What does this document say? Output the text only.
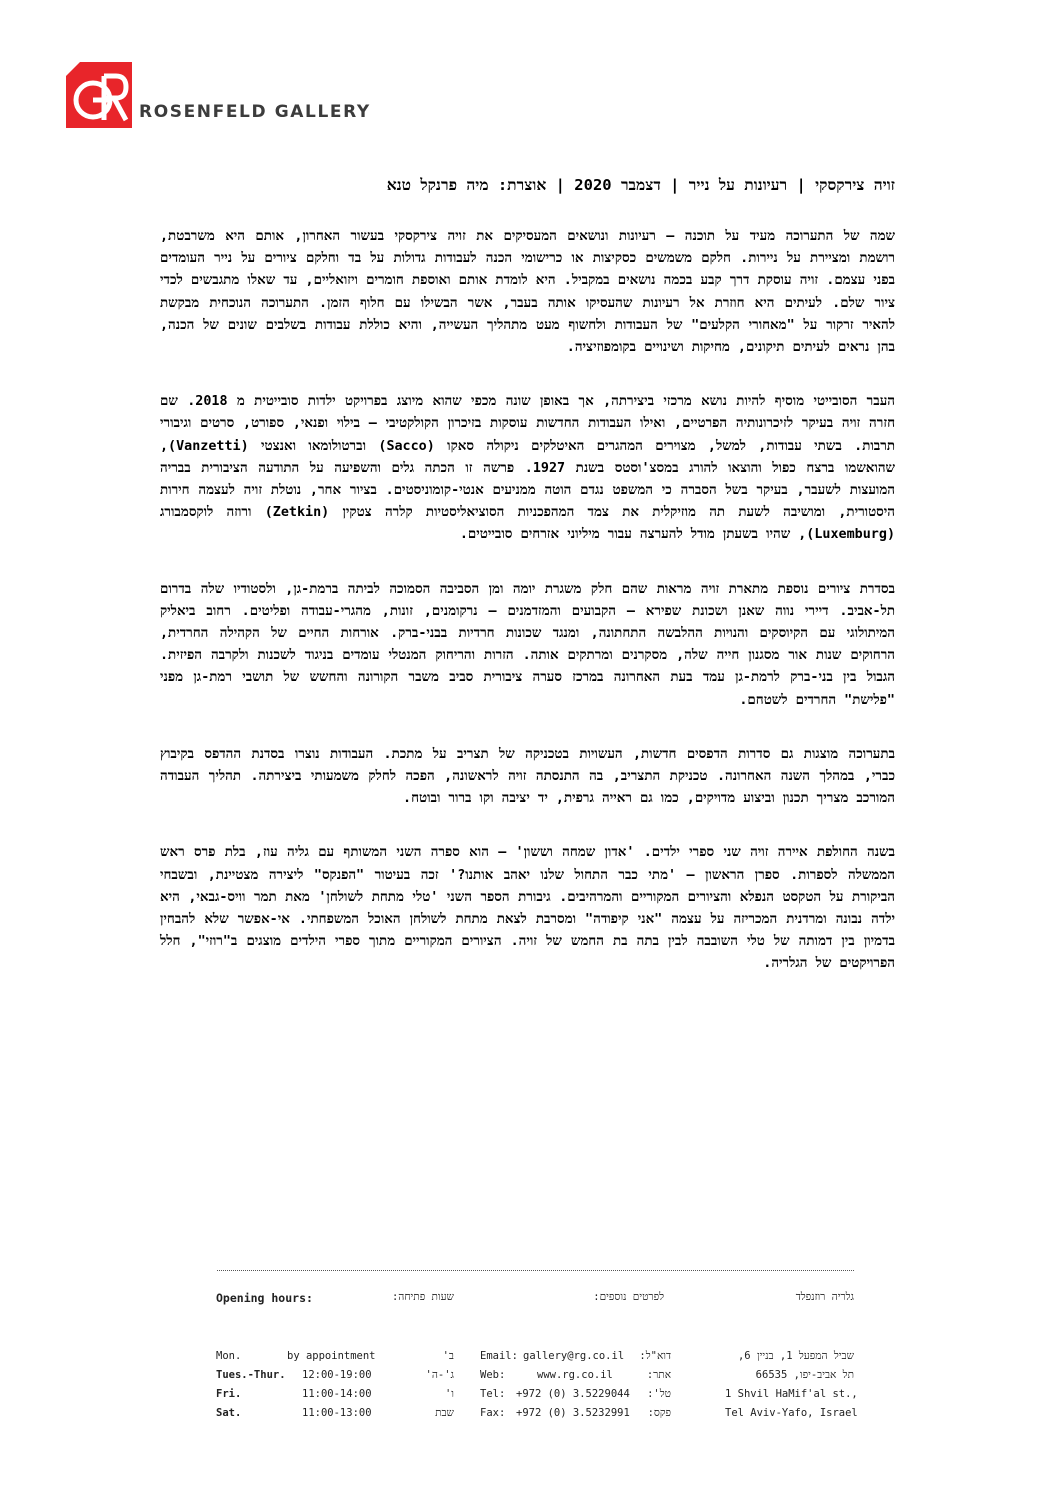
ROSENFELD GALLERY
זויה צירקסקי | רעיונות על נייר | דצמבר 2020 | אוצרת: מיה פרנקל טנא

שמה של התערוכה מעיד על תוכנה – רעיונות ונושאים המעסיקים את זויה צירקסקי בעשור האחרון, אותם היא משרבטת, רושמת ומציירת על ניירות. חלקם משמשים כסקיצות או כרישומי הכנה לעבודות גדולות על בד וחלקם ציורים על נייר העומדים בפני עצמם. זויה עוסקת דרך קבע בכמה נושאים במקביל. היא לומדת אותם ואוספת חומרים ויזואליים, עד שאלו מתגבשים לכדי ציור שלם. לעיתים היא חוזרת אל רעיונות שהעסיקו אותה בעבר, אשר הבשילו עם חלוף הזמן. התערוכה הנוכחית מבקשת להאיר זרקור על "מאחורי הקלעים" של העבודות ולחשוף מעט מתהליך העשייה, והיא כוללת עבודות בשלבים שונים של הכנה, בהן נראים לעיתים תיקונים, מחיקות ושינויים בקומפוזיציה.

העבר הסובייטי מוסיף להיות נושא מרכזי ביצירתה, אך באופן שונה מכפי שהוא מיוצג בפרויקט ילדות סובייטית מ 2018. שם חזרה זויה בעיקר לזיכרונותיה הפרטיים, ואילו העבודות החדשות עוסקות בזיכרון הקולקטיבי – בילוי ופנאי, ספורט, סרטים וגיבורי תרבות. בשתי עבודות, למשל, מצוירים המהגרים האיטלקים ניקולה סאקו (Sacco) וברטולומאו ואנצטי (Vanzetti), שהואשמו ברצח כפול והוצאו להורג במסצ'וסטס בשנת 1927. פרשה זו הכתה גלים והשפיעה על התודעה הציבורית בבריה המועצות לשעבר, בעיקר בשל הסברה כי המשפט נגדם הוטה ממניעים אנטי-קומוניסטים. בציור אחר, נוטלת זויה לעצמה חירות היסטורית, ומושיבה לשעת תה מוזיקלית את צמד המהפכניות הסוציאליסטיות קלרה צטקין (Zetkin) ורוזה לוקסמבורג (Luxemburg), שהיו בשעתן מודל להערצה עבור מיליוני אזרחים סובייטים.

בסדרת ציורים נוספת מתארת זויה מראות שהם חלק משגרת יומה ומן הסביבה הסמוכה לביתה ברמת-גן, ולסטודיו שלה בדרום תל-אביב. דיירי נווה שאנן ושכונת שפירא – הקבועים והמזדמנים – נרקומנים, זונות, מהגרי-עבודה ופליטים. רחוב ביאליק המיתולוגי עם הקיוסקים והנויות ההלבשה התחתונה, ומנגד שכונות חרדיות בבני-ברק. אורחות החיים של הקהילה החרדית, הרחוקים שנות אור מסגנון חייה שלה, מסקרנים ומרתקים אותה. הזרות והריחוק המנטלי עומדים בניגוד לשכנות ולקרבה הפיזית. הגבול בין בני-ברק לרמת-גן עמד בעת האחרונה במרכז סערה ציבורית סביב משבר הקורונה והחשש של תושבי רמת-גן מפני "פלישת" החרדים לשטחם.

בתערוכה מוצגות גם סדרות הדפסים חדשות, העשויות בטכניקה של תצריב על מתכת. העבודות נוצרו בסדנת ההדפס בקיבוץ כברי, במהלך השנה האחרונה. טכניקת התצריב, בה התנסתה זויה לראשונה, הפכה לחלק משמעותי ביצירתה. תהליך העבודה המורכב מצריך תכנון וביצוע מדויקים, כמו גם ראייה גרפית, יד יציבה וקו ברור ובוטח.

בשנה החולפת איירה זויה שני ספרי ילדים. 'אדון שמחה וששון' – הוא ספרה השני המשותף עם גליה עוז, בלת פרס ראש הממשלה לספרות. ספרן הראשון – 'מתי כבר התחול שלנו יאהב אותנו?' זכה בעיטור "הפנקס" ליצירה מצטיינת, ובשבחי הביקורת על הטקסט הנפלא והציורים המקוריים והמרהיבים. גיבורת הספר השני 'טלי מתחת לשולחן' מאת תמר וויס-גבאי, היא ילדה נבונה ומרדנית המכריזה על עצמה "אני קיפודה" ומסרבת לצאת מתחת לשולחן האוכל המשפחתי. אי-אפשר שלא להבחין בדמיון בין דמותה של טלי השובבה לבין בתה בת החמש של זויה. הציורים המקוריים מתוך ספרי הילדים מוצגים ב"רוזי", חלל הפרויקטים של הגלריה.

Opening hours:	שעות פתיחה:	לפרטים נוספים:	גלריה רוזנפלד
Mon.	by appointment	ב'
Tues.-Thur. 12:00-19:00	ג'-ה'
Fri.	11:00-14:00	ו'
Sat.	11:00-13:00	שבת
Email: gallery@rg.co.il	דוא"ל:
Web:	www.rg.co.il	אתר:
Tel: +972 (0) 3.5229044	טל':
Fax: +972 (0) 3.5232991	פקס:
שביל המפעל 1, בניין 6,
תל אביב-יפו, 66535
1 Shvil HaMif'al st.,
Tel Aviv-Yafo, Israel
